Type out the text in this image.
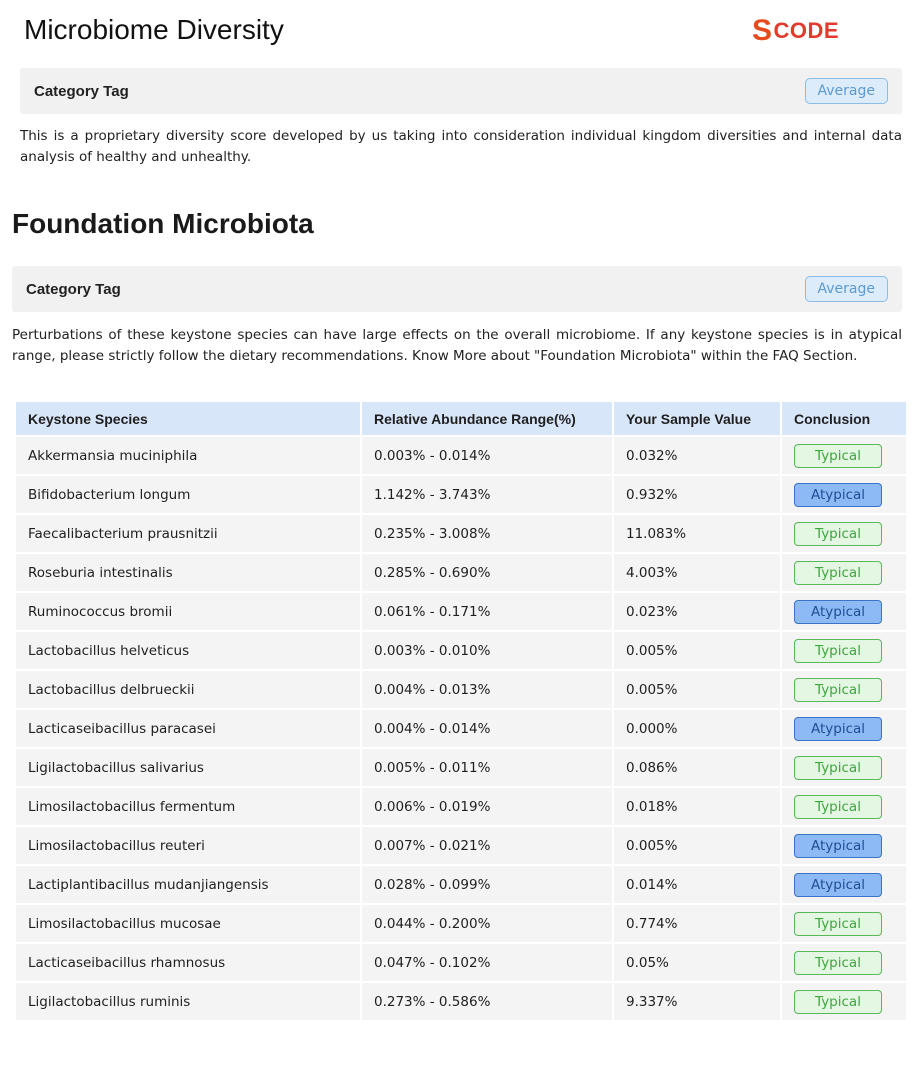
Microbiome Diversity	S CODE
Category Tag	Average
This is a proprietary diversity score developed by us taking into consideration individual kingdom diversities and internal data analysis of healthy and unhealthy.
Foundation Microbiota
Category Tag	Average
Perturbations of these keystone species can have large effects on the overall microbiome. If any keystone species is in atypical range, please strictly follow the dietary recommendations. Know More about "Foundation Microbiota" within the FAQ Section.
Keystone Species	Relative Abundance Range(%)	Your Sample Value	Conclusion
Akkermansia muciniphila	0.003% - 0.014%	0.032%	Typical
Bifidobacterium longum	1.142% - 3.743%	0.932%	Atypical
Faecalibacterium prausnitzii	0.235% - 3.008%	11.083%	Typical
Roseburia intestinalis	0.285% - 0.690%	4.003%	Typical
Ruminococcus bromii	0.061% - 0.171%	0.023%	Atypical
Lactobacillus helveticus	0.003% - 0.010%	0.005%	Typical
Lactobacillus delbrueckii	0.004% - 0.013%	0.005%	Typical
Lacticaseibacillus paracasei	0.004% - 0.014%	0.000%	Atypical
Ligilactobacillus salivarius	0.005% - 0.011%	0.086%	Typical
Limosilactobacillus fermentum	0.006% - 0.019%	0.018%	Typical
Limosilactobacillus reuteri	0.007% - 0.021%	0.005%	Atypical
Lactiplantibacillus mudanjiangensis	0.028% - 0.099%	0.014%	Atypical
Limosilactobacillus mucosae	0.044% - 0.200%	0.774%	Typical
Lacticaseibacillus rhamnosus	0.047% - 0.102%	0.05%	Typical
Ligilactobacillus ruminis	0.273% - 0.586%	9.337%	Typical
